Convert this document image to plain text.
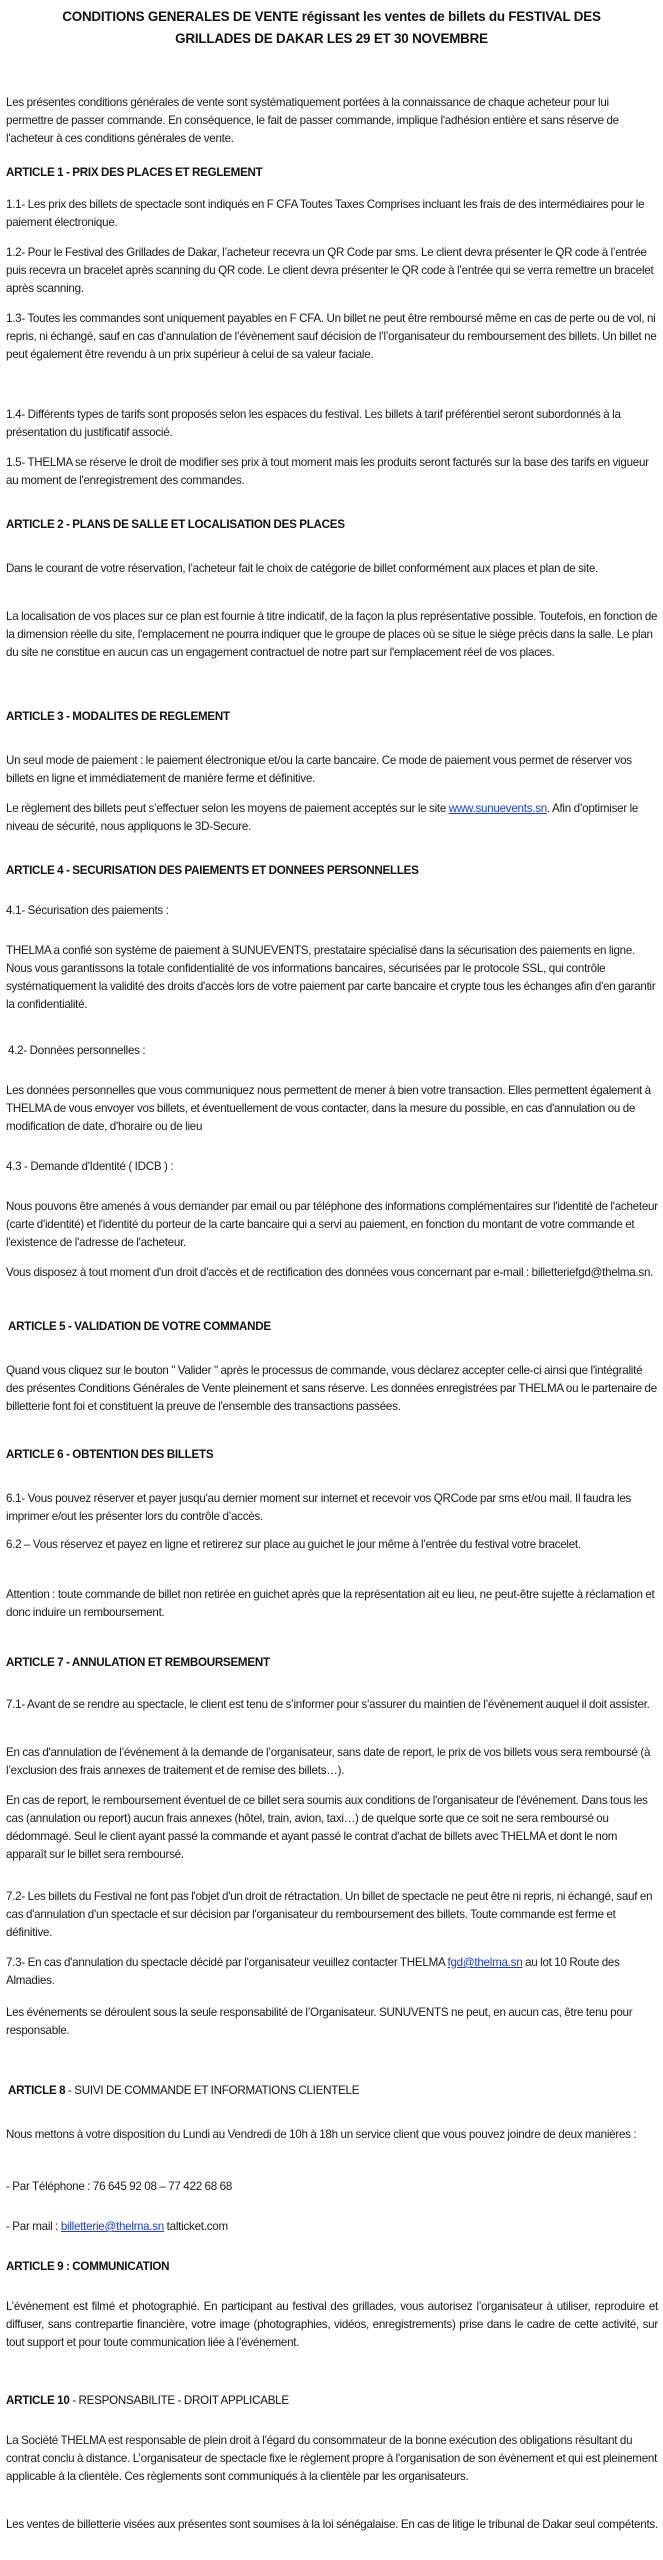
CONDITIONS GENERALES DE VENTE régissant les ventes de billets du FESTIVAL DES
GRILLADES DE DAKAR LES 29 ET 30 NOVEMBRE
Les présentes conditions générales de vente sont systématiquement portées à la connaissance de chaque acheteur pour lui permettre de passer commande. En conséquence, le fait de passer commande, implique l'adhésion entière et sans réserve de l'acheteur à ces conditions générales de vente.
ARTICLE 1 - PRIX DES PLACES ET REGLEMENT
1.1- Les prix des billets de spectacle sont indiqués en F CFA Toutes Taxes Comprises incluant les frais de des intermédiaires pour le paiement électronique.
1.2- Pour le Festival des Grillades de Dakar, l’acheteur recevra un QR Code par sms. Le client devra présenter le QR code à l’entrée puis recevra un bracelet après scanning du QR code. Le client devra présenter le QR code à l’entrée qui se verra remettre un bracelet après scanning.
1.3- Toutes les commandes sont uniquement payables en F CFA. Un billet ne peut être remboursé même en cas de perte ou de vol, ni repris, ni échangé, sauf en cas d’annulation de l’évènement sauf décision de l’l’organisateur du remboursement des billets. Un billet ne peut également être revendu à un prix supérieur à celui de sa valeur faciale.
1.4- Différents types de tarifs sont proposés selon les espaces du festival. Les billets à tarif préférentiel seront subordonnés à la présentation du justificatif associé.
1.5- THELMA se réserve le droit de modifier ses prix à tout moment mais les produits seront facturés sur la base des tarifs en vigueur au moment de l'enregistrement des commandes.
ARTICLE 2 - PLANS DE SALLE ET LOCALISATION DES PLACES
Dans le courant de votre réservation, l’acheteur fait le choix de catégorie de billet conformément aux places et plan de site.
La localisation de vos places sur ce plan est fournie à titre indicatif, de la façon la plus représentative possible. Toutefois, en fonction de la dimension réelle du site, l'emplacement ne pourra indiquer que le groupe de places où se situe le siège précis dans la salle. Le plan du site ne constitue en aucun cas un engagement contractuel de notre part sur l'emplacement réel de vos places.
ARTICLE 3 - MODALITES DE REGLEMENT
Un seul mode de paiement : le paiement électronique et/ou la carte bancaire. Ce mode de paiement vous permet de réserver vos billets en ligne et immédiatement de manière ferme et définitive.
Le règlement des billets peut s’effectuer selon les moyens de paiement acceptés sur le site www.sunuevents.sn. Afin d’optimiser le niveau de sécurité, nous appliquons le 3D-Secure.
ARTICLE 4 - SECURISATION DES PAIEMENTS ET DONNEES PERSONNELLES
4.1- Sécurisation des paiements :
THELMA a confié son système de paiement à SUNUEVENTS, prestataire spécialisé dans la sécurisation des paiements en ligne. Nous vous garantissons la totale confidentialité de vos informations bancaires, sécurisées par le protocole SSL, qui contrôle systématiquement la validité des droits d'accès lors de votre paiement par carte bancaire et crypte tous les échanges afin d'en garantir la confidentialité.
4.2- Données personnelles :
Les données personnelles que vous communiquez nous permettent de mener à bien votre transaction. Elles permettent également à THELMA de vous envoyer vos billets, et éventuellement de vous contacter, dans la mesure du possible, en cas d'annulation ou de modification de date, d'horaire ou de lieu
4.3 - Demande d'Identité ( IDCB ) :
Nous pouvons être amenés à vous demander par email ou par téléphone des informations complémentaires sur l'identité de l'acheteur (carte d'identité) et l'identité du porteur de la carte bancaire qui a servi au paiement, en fonction du montant de votre commande et l'existence de l'adresse de l'acheteur.
Vous disposez à tout moment d'un droit d'accès et de rectification des données vous concernant par e-mail : billetteriefgd@thelma.sn.
ARTICLE 5 - VALIDATION DE VOTRE COMMANDE
Quand vous cliquez sur le bouton " Valider " après le processus de commande, vous déclarez accepter celle-ci ainsi que l'intégralité des présentes Conditions Générales de Vente pleinement et sans réserve. Les données enregistrées par THELMA ou le partenaire de billetterie font foi et constituent la preuve de l'ensemble des transactions passées.
ARTICLE 6 - OBTENTION DES BILLETS
6.1- Vous pouvez réserver et payer jusqu'au dernier moment sur internet et recevoir vos QRCode par sms et/ou mail. Il faudra les imprimer e/out les présenter lors du contrôle d’accès.
6.2 – Vous réservez et payez en ligne et retirerez sur place au guichet le jour même à l’entrée du festival votre bracelet.
Attention : toute commande de billet non retirée en guichet après que la représentation ait eu lieu, ne peut-être sujette à réclamation et donc induire un remboursement.
ARTICLE 7 - ANNULATION ET REMBOURSEMENT
7.1- Avant de se rendre au spectacle, le client est tenu de s’informer pour s'assurer du maintien de l’évènement auquel il doit assister.
En cas d'annulation de l’événement à la demande de l’organisateur, sans date de report, le prix de vos billets vous sera remboursé (à l’exclusion des frais annexes de traitement et de remise des billets…).
En cas de report, le remboursement éventuel de ce billet sera soumis aux conditions de l'organisateur de l'événement. Dans tous les cas (annulation ou report) aucun frais annexes (hôtel, train, avion, taxi…) de quelque sorte que ce soit ne sera remboursé ou dédommagé. Seul le client ayant passé la commande et ayant passé le contrat d'achat de billets avec THELMA et dont le nom apparaît sur le billet sera remboursé.
7.2- Les billets du Festival ne font pas l'objet d'un droit de rétractation. Un billet de spectacle ne peut être ni repris, ni échangé, sauf en cas d'annulation d'un spectacle et sur décision par l'organisateur du remboursement des billets. Toute commande est ferme et définitive.
7.3- En cas d'annulation du spectacle décidé par l'organisateur veuillez contacter THELMA fgd@thelma.sn au lot 10 Route des Almadies.
Les événements se déroulent sous la seule responsabilité de l’Organisateur. SUNUVENTS ne peut, en aucun cas, être tenu pour responsable.
ARTICLE 8 - SUIVI DE COMMANDE ET INFORMATIONS CLIENTELE
Nous mettons à votre disposition du Lundi au Vendredi de 10h à 18h un service client que vous pouvez joindre de deux manières :
- Par Téléphone : 76 645 92 08 – 77 422 68 68
- Par mail : billetterie@thelma.sn talticket.com
ARTICLE 9 : COMMUNICATION
L’évènement est filmé et photographié. En participant au festival des grillades, vous autorisez l’organisateur à utiliser, reproduire et diffuser, sans contrepartie financière, votre image (photographies, vidéos, enregistrements) prise dans le cadre de cette activité, sur tout support et pour toute communication liée à l’événement.
ARTICLE 10 - RESPONSABILITE - DROIT APPLICABLE
La Société THELMA est responsable de plein droit à l'égard du consommateur de la bonne exécution des obligations résultant du contrat conclu à distance. L’organisateur de spectacle fixe le règlement propre à l'organisation de son évènement et qui est pleinement applicable à la clientèle. Ces règlements sont communiqués à la clientèle par les organisateurs.
Les ventes de billetterie visées aux présentes sont soumises à la loi sénégalaise. En cas de litige le tribunal de Dakar seul compétents.
